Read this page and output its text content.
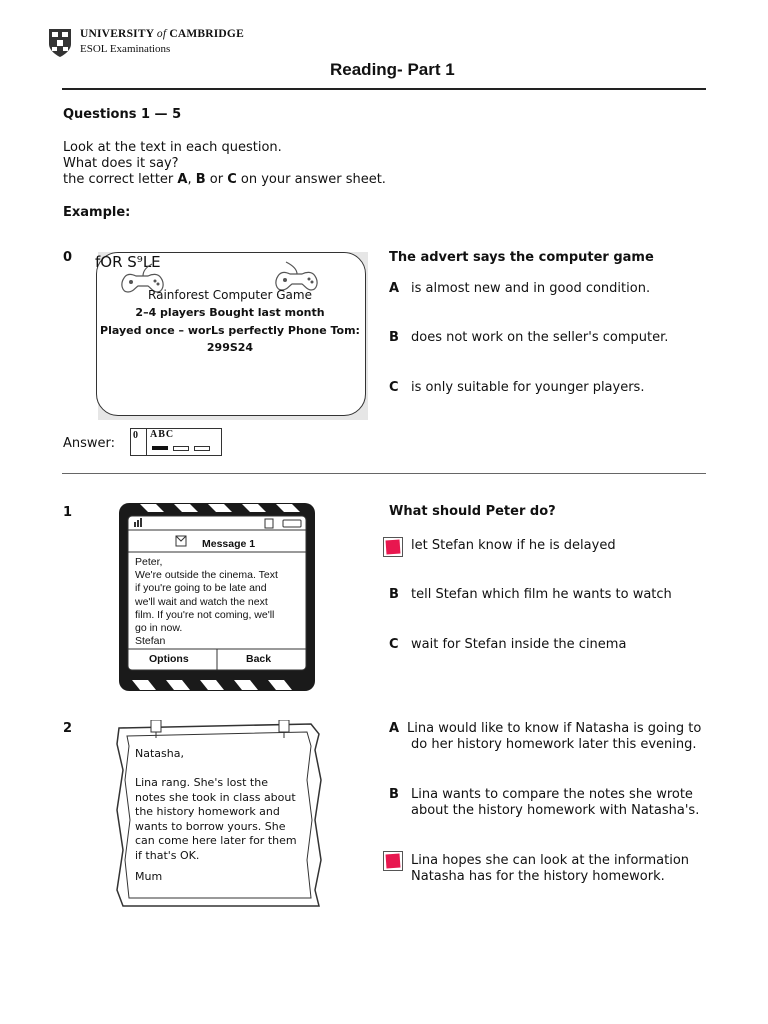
UNIVERSITY of CAMBRIDGE
ESOL Examinations
Reading- Part 1
Questions 1 — 5
Look at the text in each question.
What does it say?
the correct letter A, B or C on your answer sheet.
Example:
0 fOR S⁹LE
Rainforest Computer Game
2–4 players Bought last month
Played once – worLs perfectly Phone Tom:
299S24
The advert says the computer game
A is almost new and in good condition.
B does not work on the seller's computer.
C is only suitable for younger players.
Answer:
0 ABC
1
Message 1
Peter,
We're outside the cinema. Text
if you're going to be late and
we'll wait and watch the next
film. If you're not coming, we'll
go in now.
Stefan
Options	Back
What should Peter do?
let Stefan know if he is delayed
B tell Stefan which film he wants to watch
C wait for Stefan inside the cinema
2
Natasha,

Lina rang. She's lost the
notes she took in class about
the history homework and
wants to borrow yours. She
can come here later for them
if that's OK.
Mum
A Lina would like to know if Natasha is going to
do her history homework later this evening.
B Lina wants to compare the notes she wrote
about the history homework with Natasha's.
Lina hopes she can look at the information
Natasha has for the history homework.
